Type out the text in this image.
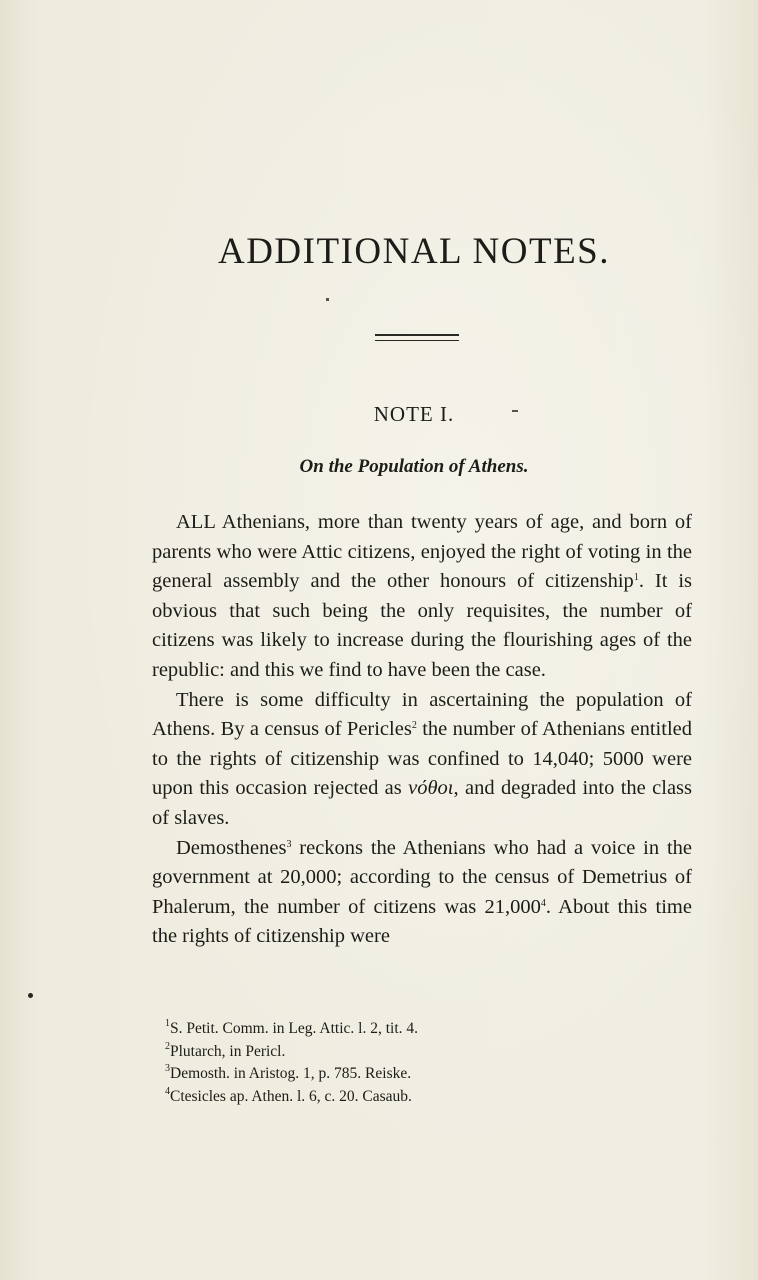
ADDITIONAL NOTES.
NOTE I.
On the Population of Athens.

ALL Athenians, more than twenty years of age, and born of parents who were Attic citizens, enjoyed the right of voting in the general assembly and the other honours of citizenship$^1$. It is obvious that such being the only requisites, the number of citizens was likely to increase during the flourishing ages of the republic: and this we find to have been the case.

There is some difficulty in ascertaining the population of Athens. By a census of Pericles$^2$ the number of Athenians entitled to the rights of citizenship was confined to 14,040; 5000 were upon this occasion rejected as νόθοι, and degraded into the class of slaves.

Demosthenes$^3$ reckons the Athenians who had a voice in the government at 20,000; according to the census of Demetrius of Phalerum, the number of citizens was 21,000$^4$. About this time the rights of citizenship were

$^1$S. Petit. Comm. in Leg. Attic. l. 2, tit. 4.
$^2$Plutarch, in Pericl.
$^3$Demosth. in Aristog. 1, p. 785. Reiske.
$^4$Ctesicles ap. Athen. l. 6, c. 20. Casaub.
